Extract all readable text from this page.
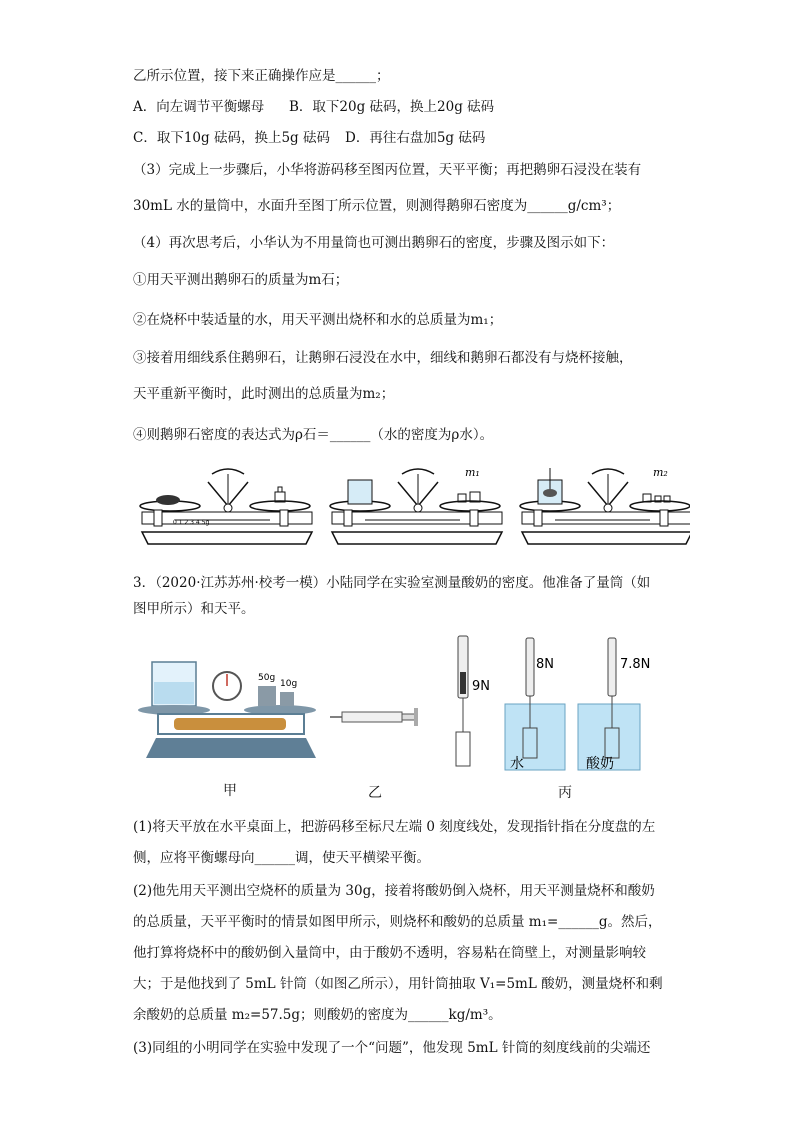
乙所示位置，接下来正确操作应是______；
A．向左调节平衡螺母 B．取下20g 砝码，换上20g 砝码
C．取下10g 砝码，换上5g 砝码 D．再往右盘加5g 砝码
（3）完成上一步骤后，小华将游码移至图丙位置，天平平衡；再把鹅卵石浸没在装有
30mL 水的量筒中，水面升至图丁所示位置，则测得鹅卵石密度为______g/cm³；
（4）再次思考后，小华认为不用量筒也可测出鹅卵石的密度，步骤及图示如下：
①用天平测出鹅卵石的质量为m石；
②在烧杯中装适量的水，用天平测出烧杯和水的总质量为m₁；
③接着用细线系住鹅卵石，让鹅卵石浸没在水中，细线和鹅卵石都没有与烧杯接触，
天平重新平衡时，此时测出的总质量为m₂；
④则鹅卵石密度的表达式为ρ石＝______（水的密度为ρ水）。
0 1 2 3 4 5g
m₁	m₂
3．（2020·江苏苏州·校考一模）小陆同学在实验室测量酸奶的密度。他准备了量筒（如
图甲所示）和天平。
50g
10g	9N
8N
水
7.8N
酸奶
甲	乙	丙
(1)将天平放在水平桌面上，把游码移至标尺左端 0 刻度线处，发现指针指在分度盘的左
侧，应将平衡螺母向______调，使天平横梁平衡。
(2)他先用天平测出空烧杯的质量为 30g，接着将酸奶倒入烧杯，用天平测量烧杯和酸奶
的总质量，天平平衡时的情景如图甲所示，则烧杯和酸奶的总质量 m₁=______g。然后，
他打算将烧杯中的酸奶倒入量筒中，由于酸奶不透明，容易粘在筒壁上，对测量影响较
大；于是他找到了 5mL 针筒（如图乙所示），用针筒抽取 V₁=5mL 酸奶，测量烧杯和剩
余酸奶的总质量 m₂=57.5g；则酸奶的密度为______kg/m³。
(3)同组的小明同学在实验中发现了一个“问题”，他发现 5mL 针筒的刻度线前的尖端还
